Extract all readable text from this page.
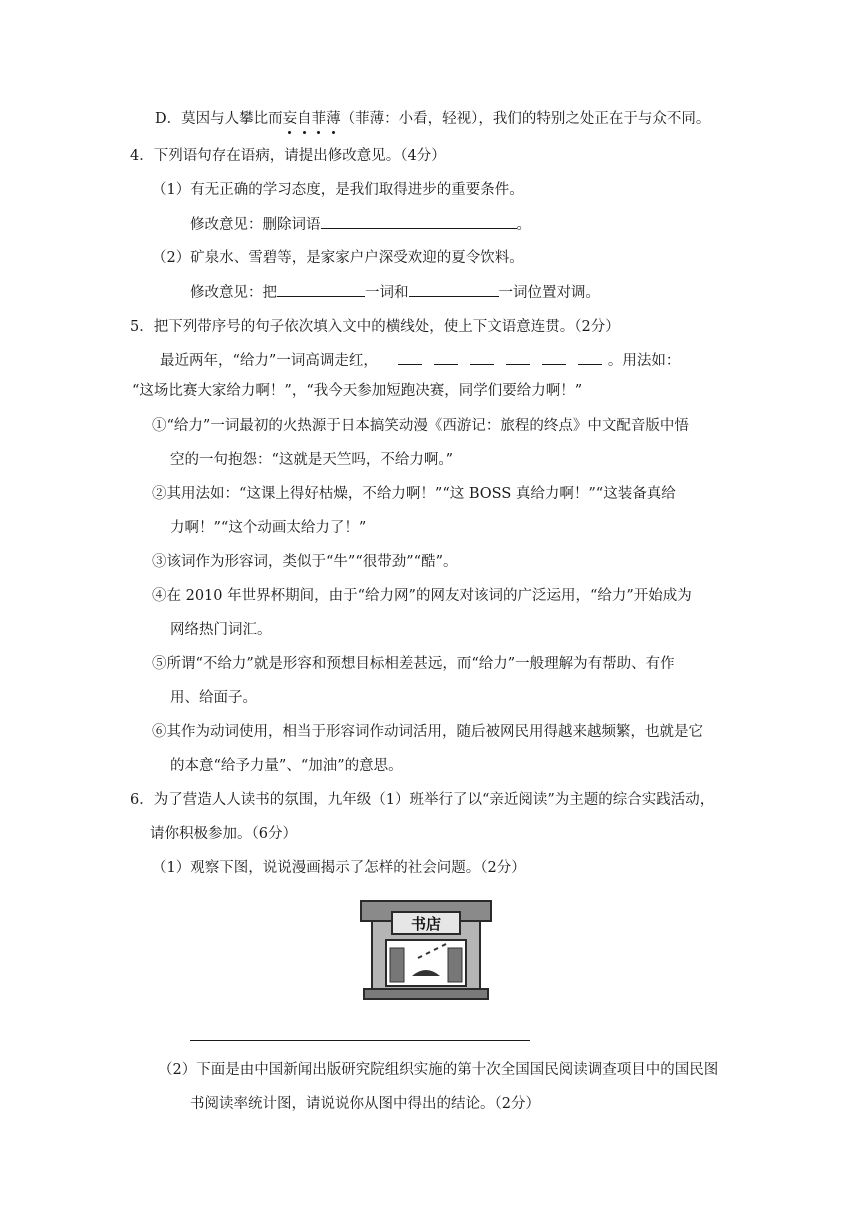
D．莫因与人攀比而妄自菲薄（菲薄：小看，轻视），我们的特别之处正在于与众不同。
4．下列语句存在语病，请提出修改意见。（4分）
（1）有无正确的学习态度，是我们取得进步的重要条件。
修改意见：删除词语	。
（2）矿泉水、雪碧等，是家家户户深受欢迎的夏令饮料。
修改意见：把	一词和	一词位置对调。
5．把下列带序号的句子依次填入文中的横线处，使上下文语意连贯。（2分）
最近两年，“给力”一词高调走红，	。用法如：
“这场比赛大家给力啊！”，“我今天参加短跑决赛，同学们要给力啊！”
①“给力”一词最初的火热源于日本搞笑动漫《西游记：旅程的终点》中文配音版中悟
空的一句抱怨：“这就是天竺吗，不给力啊。”
②其用法如：“这课上得好枯燥，不给力啊！”“这 BOSS 真给力啊！”“这装备真给
力啊！”“这个动画太给力了！”
③该词作为形容词，类似于“牛”“很带劲”“酷”。
④在 2010 年世界杯期间，由于“给力网”的网友对该词的广泛运用，“给力”开始成为
网络热门词汇。
⑤所谓“不给力”就是形容和预想目标相差甚远，而“给力”一般理解为有帮助、有作
用、给面子。
⑥其作为动词使用，相当于形容词作动词活用，随后被网民用得越来越频繁，也就是它
的本意“给予力量”、“加油”的意思。
6．为了营造人人读书的氛围，九年级（1）班举行了以“亲近阅读”为主题的综合实践活动，
请你积极参加。（6分）
（1）观察下图，说说漫画揭示了怎样的社会问题。（2分）
书店
（2）下面是由中国新闻出版研究院组织实施的第十次全国国民阅读调查项目中的国民图
书阅读率统计图，请说说你从图中得出的结论。（2分）
